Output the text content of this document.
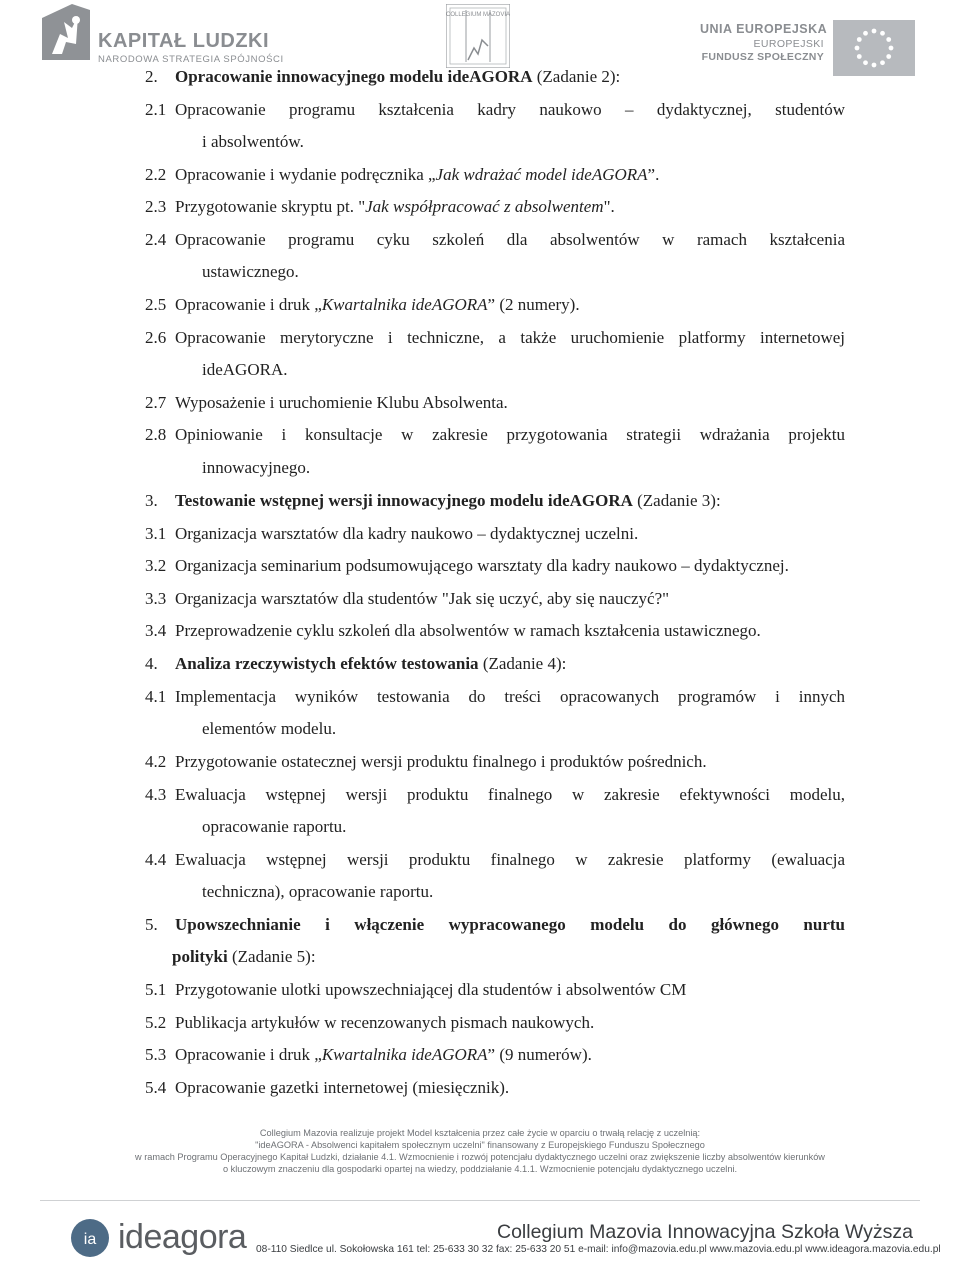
KAPITAŁ LUDZKI
NARODOWA STRATEGIA SPÓJNOŚCI
COLLEGIUM MAZOVIA
UNIA EUROPEJSKA
EUROPEJSKI
FUNDUSZ SPOŁECZNY
2. Opracowanie innowacyjnego modelu ideAGORA (Zadanie 2):
2.1 Opracowanie programu kształcenia kadry naukowo – dydaktycznej, studentów
i absolwentów.
2.2 Opracowanie i wydanie podręcznika „Jak wdrażać model ideAGORA”.
2.3 Przygotowanie skryptu pt. "Jak współpracować z absolwentem".
2.4 Opracowanie programu cyku szkoleń dla absolwentów w ramach kształcenia
ustawicznego.
2.5 Opracowanie i druk „Kwartalnika ideAGORA” (2 numery).
2.6 Opracowanie merytoryczne i techniczne, a także uruchomienie platformy internetowej
ideAGORA.
2.7 Wyposażenie i uruchomienie Klubu Absolwenta.
2.8 Opiniowanie i konsultacje w zakresie przygotowania strategii wdrażania projektu
innowacyjnego.
3. Testowanie wstępnej wersji innowacyjnego modelu ideAGORA (Zadanie 3):
3.1 Organizacja warsztatów dla kadry naukowo – dydaktycznej uczelni.
3.2 Organizacja seminarium podsumowującego warsztaty dla kadry naukowo – dydaktycznej.
3.3 Organizacja warsztatów dla studentów "Jak się uczyć, aby się nauczyć?"
3.4 Przeprowadzenie cyklu szkoleń dla absolwentów w ramach kształcenia ustawicznego.
4. Analiza rzeczywistych efektów testowania (Zadanie 4):
4.1 Implementacja wyników testowania do treści opracowanych programów i innych
elementów modelu.
4.2 Przygotowanie ostatecznej wersji produktu finalnego i produktów pośrednich.
4.3 Ewaluacja wstępnej wersji produktu finalnego w zakresie efektywności modelu,
opracowanie raportu.
4.4 Ewaluacja wstępnej wersji produktu finalnego w zakresie platformy (ewaluacja
techniczna), opracowanie raportu.
5. Upowszechnianie i włączenie wypracowanego modelu do głównego nurtu
polityki (Zadanie 5):
5.1 Przygotowanie ulotki upowszechniającej dla studentów i absolwentów CM
5.2 Publikacja artykułów w recenzowanych pismach naukowych.
5.3 Opracowanie i druk „Kwartalnika ideAGORA” (9 numerów).
5.4 Opracowanie gazetki internetowej (miesięcznik).
Collegium Mazovia realizuje projekt Model kształcenia przez całe życie w oparciu o trwałą relację z uczelnią:
"ideAGORA - Absolwenci kapitałem społecznym uczelni" finansowany z Europejskiego Funduszu Społecznego
w ramach Programu Operacyjnego Kapitał Ludzki, działanie 4.1. Wzmocnienie i rozwój potencjału dydaktycznego uczelni oraz zwiększenie liczby absolwentów kierunków
o kluczowym znaczeniu dla gospodarki opartej na wiedzy, poddziałanie 4.1.1. Wzmocnienie potencjału dydaktycznego uczelni.
ia ideagora	Collegium Mazovia Innowacyjna Szkoła Wyższa
08-110 Siedlce ul. Sokołowska 161 tel: 25-633 30 32 fax: 25-633 20 51 e-mail: info@mazovia.edu.pl www.mazovia.edu.pl www.ideagora.mazovia.edu.pl
